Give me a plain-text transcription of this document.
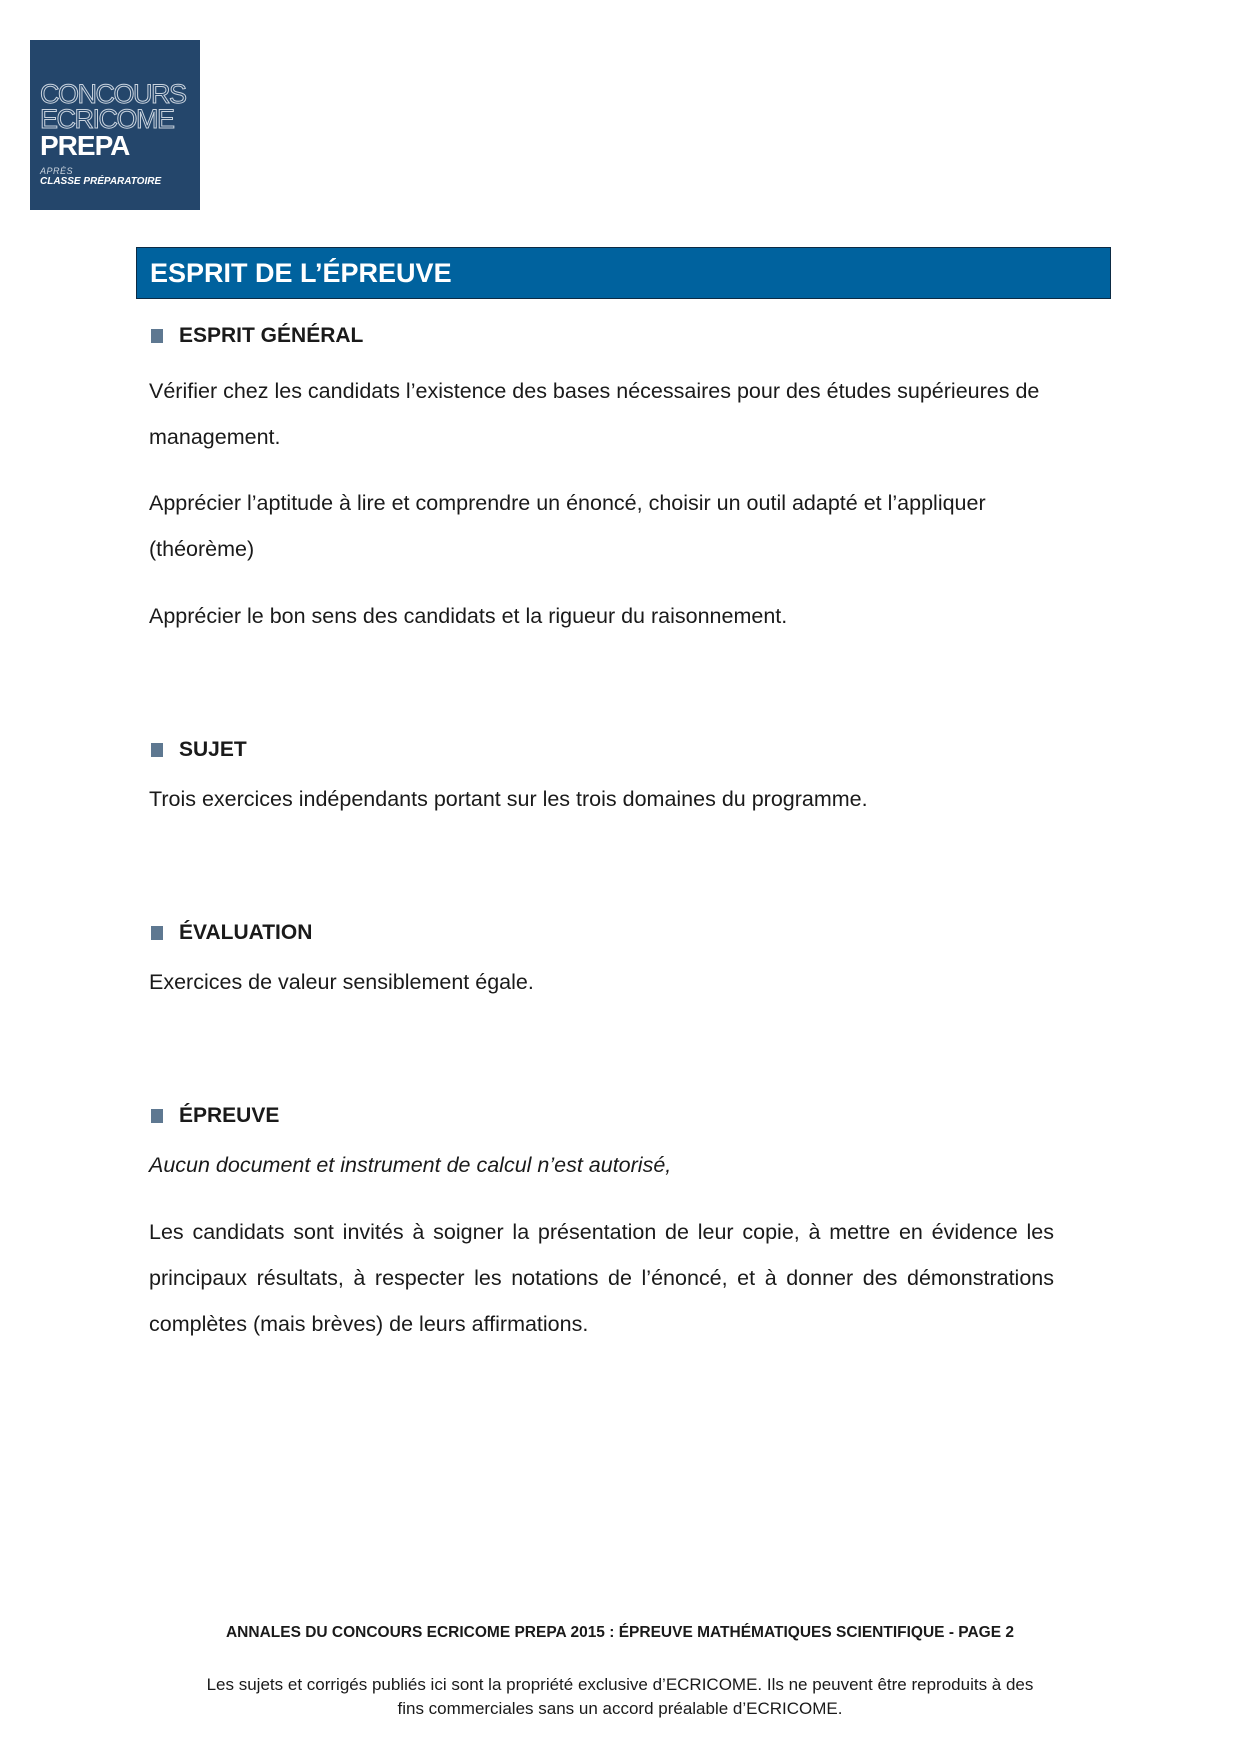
CONCOURS
ECRICOME
PREPA
APRÈS
CLASSE PRÉPARATOIRE
ESPRIT DE L’ÉPREUVE
ESPRIT GÉNÉRAL
Vérifier chez les candidats l’existence des bases nécessaires pour des études supérieures de management.
Apprécier l’aptitude à lire et comprendre un énoncé, choisir un outil adapté et l’appliquer (théorème)
Apprécier le bon sens des candidats et la rigueur du raisonnement.
SUJET
Trois exercices indépendants portant sur les trois domaines du programme.
ÉVALUATION
Exercices de valeur sensiblement égale.
ÉPREUVE
Aucun document et instrument de calcul n’est autorisé,
Les candidats sont invités à soigner la présentation de leur copie, à mettre en évidence les principaux résultats, à respecter les notations de l’énoncé, et à donner des démonstrations complètes (mais brèves) de leurs affirmations.
ANNALES DU CONCOURS ECRICOME PREPA 2015 : ÉPREUVE MATHÉMATIQUES SCIENTIFIQUE - PAGE 2
Les sujets et corrigés publiés ici sont la propriété exclusive d’ECRICOME. Ils ne peuvent être reproduits à des
fins commerciales sans un accord préalable d’ECRICOME.
